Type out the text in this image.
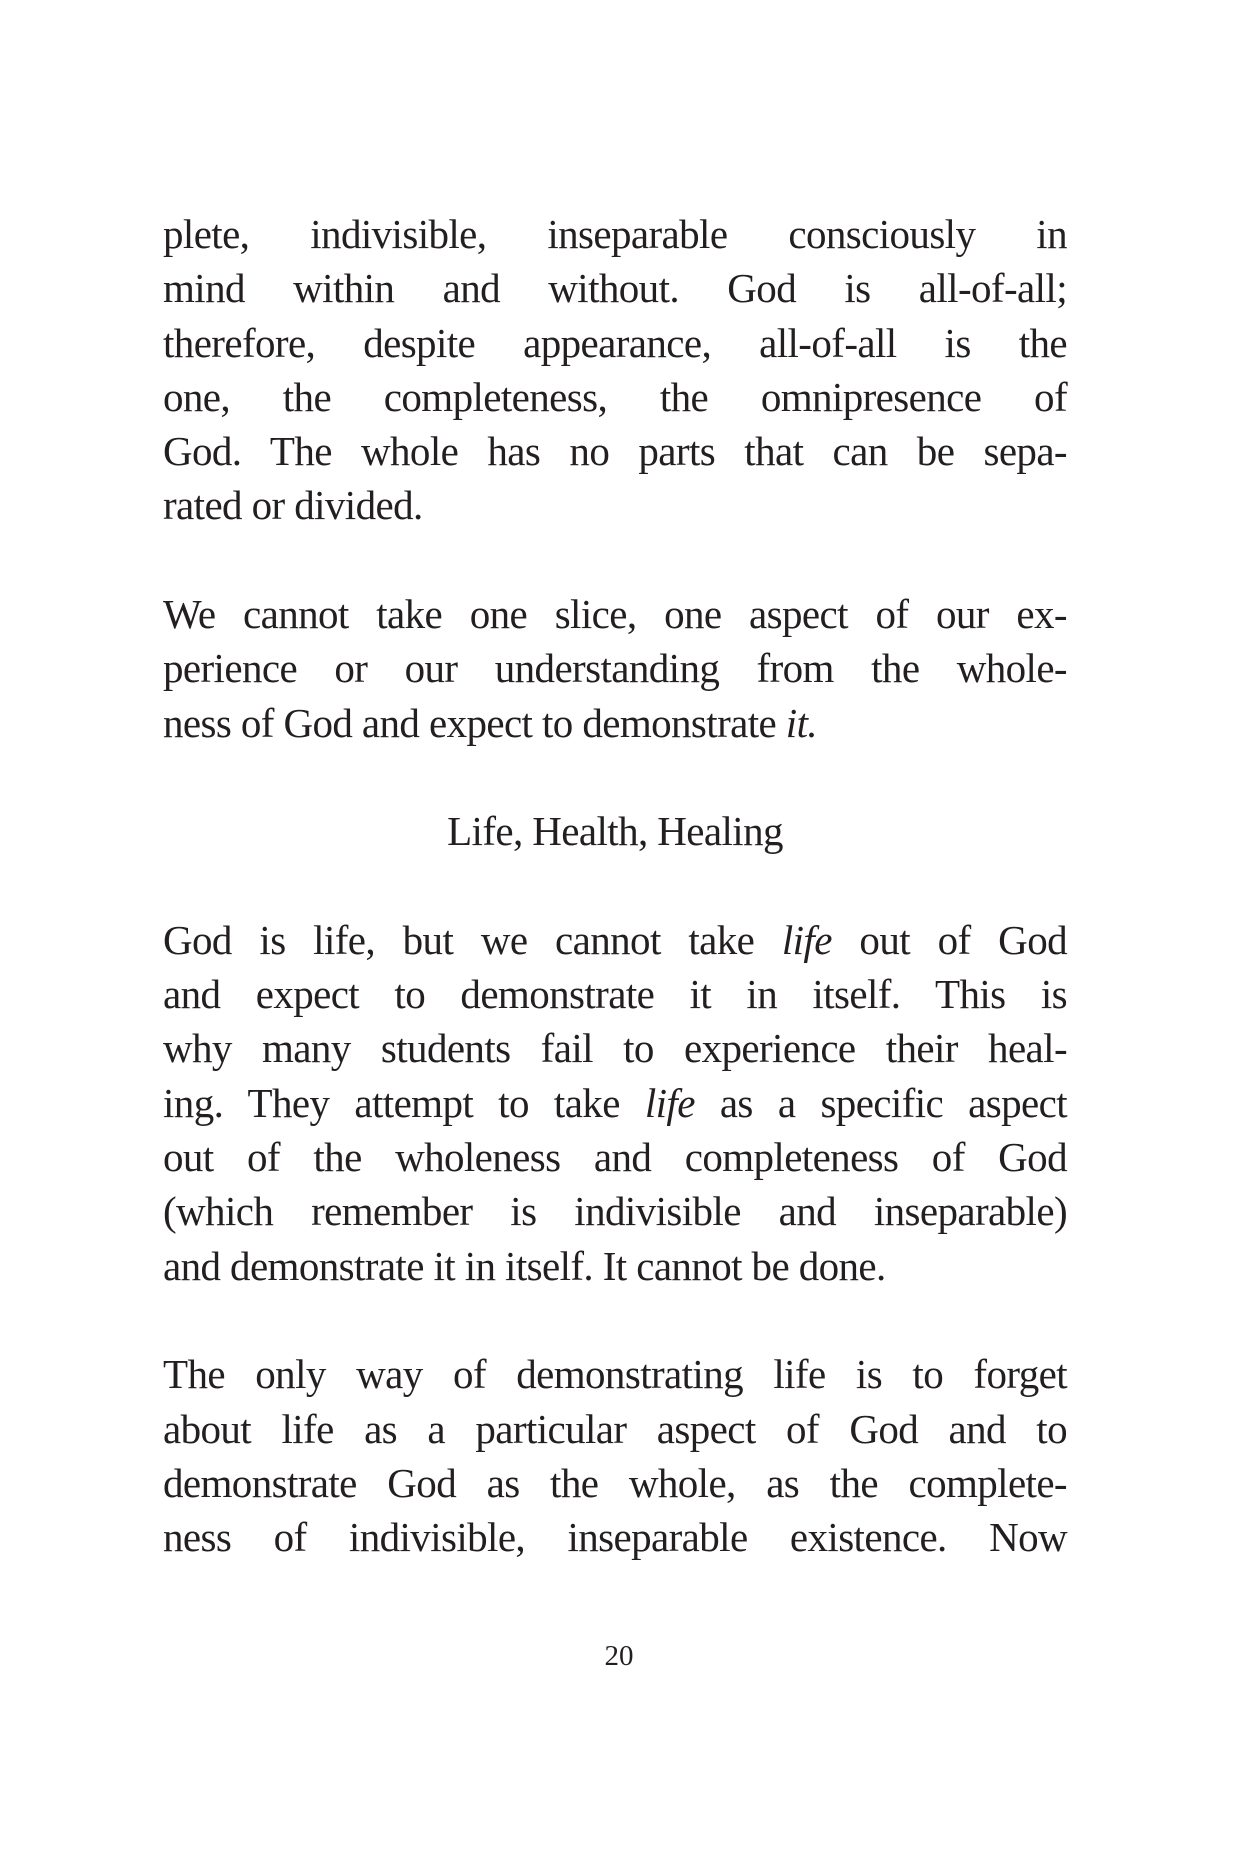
plete, indivisible, inseparable consciously in
mind within and without. God is all-of-all;
therefore, despite appearance, all-of-all is the
one, the completeness, the omnipresence of
God. The whole has no parts that can be sepa-
rated or divided.
We cannot take one slice, one aspect of our ex-
perience or our understanding from the whole-
ness of God and expect to demonstrate it.
Life, Health, Healing
God is life, but we cannot take life out of God
and expect to demonstrate it in itself. This is
why many students fail to experience their heal-
ing. They attempt to take life as a specific aspect
out of the wholeness and completeness of God
(which remember is indivisible and inseparable)
and demonstrate it in itself. It cannot be done.
The only way of demonstrating life is to forget
about life as a particular aspect of God and to
demonstrate God as the whole, as the complete-
ness of indivisible, inseparable existence. Now
20
